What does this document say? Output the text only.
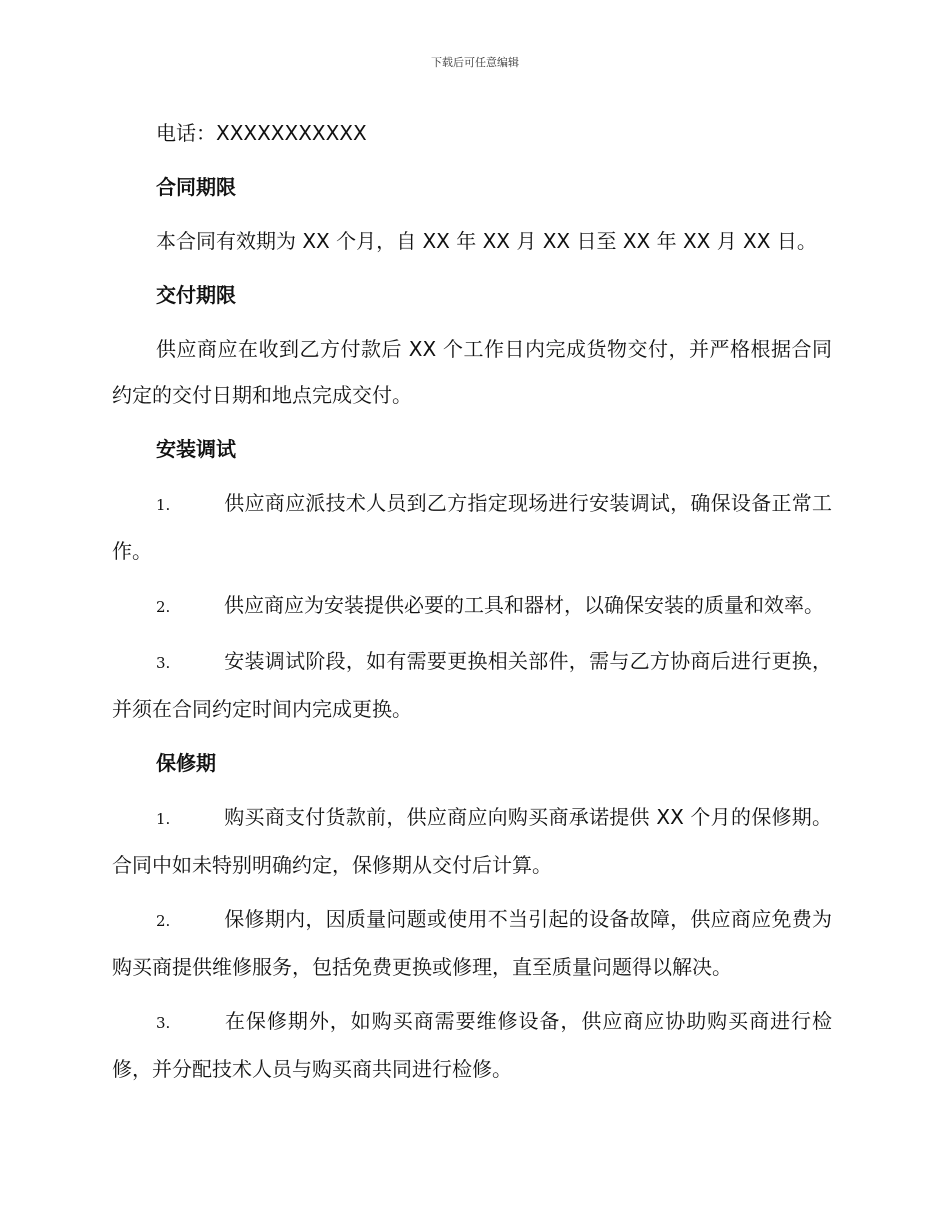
下载后可任意编辑

电话：XXXXXXXXXXX

合同期限

本合同有效期为 XX 个月，自 XX 年 XX 月 XX 日至 XX 年 XX 月 XX 日。

交付期限

供应商应在收到乙方付款后 XX 个工作日内完成货物交付，并严格根据合同约定的交付日期和地点完成交付。

安装调试

1.	供应商应派技术人员到乙方指定现场进行安装调试，确保设备正常工作。

2.	供应商应为安装提供必要的工具和器材，以确保安装的质量和效率。

3.	安装调试阶段，如有需要更换相关部件，需与乙方协商后进行更换，并须在合同约定时间内完成更换。

保修期

1.	购买商支付货款前，供应商应向购买商承诺提供 XX 个月的保修期。合同中如未特别明确约定，保修期从交付后计算。

2.	保修期内，因质量问题或使用不当引起的设备故障，供应商应免费为购买商提供维修服务，包括免费更换或修理，直至质量问题得以解决。

3.	在保修期外，如购买商需要维修设备，供应商应协助购买商进行检修，并分配技术人员与购买商共同进行检修。
